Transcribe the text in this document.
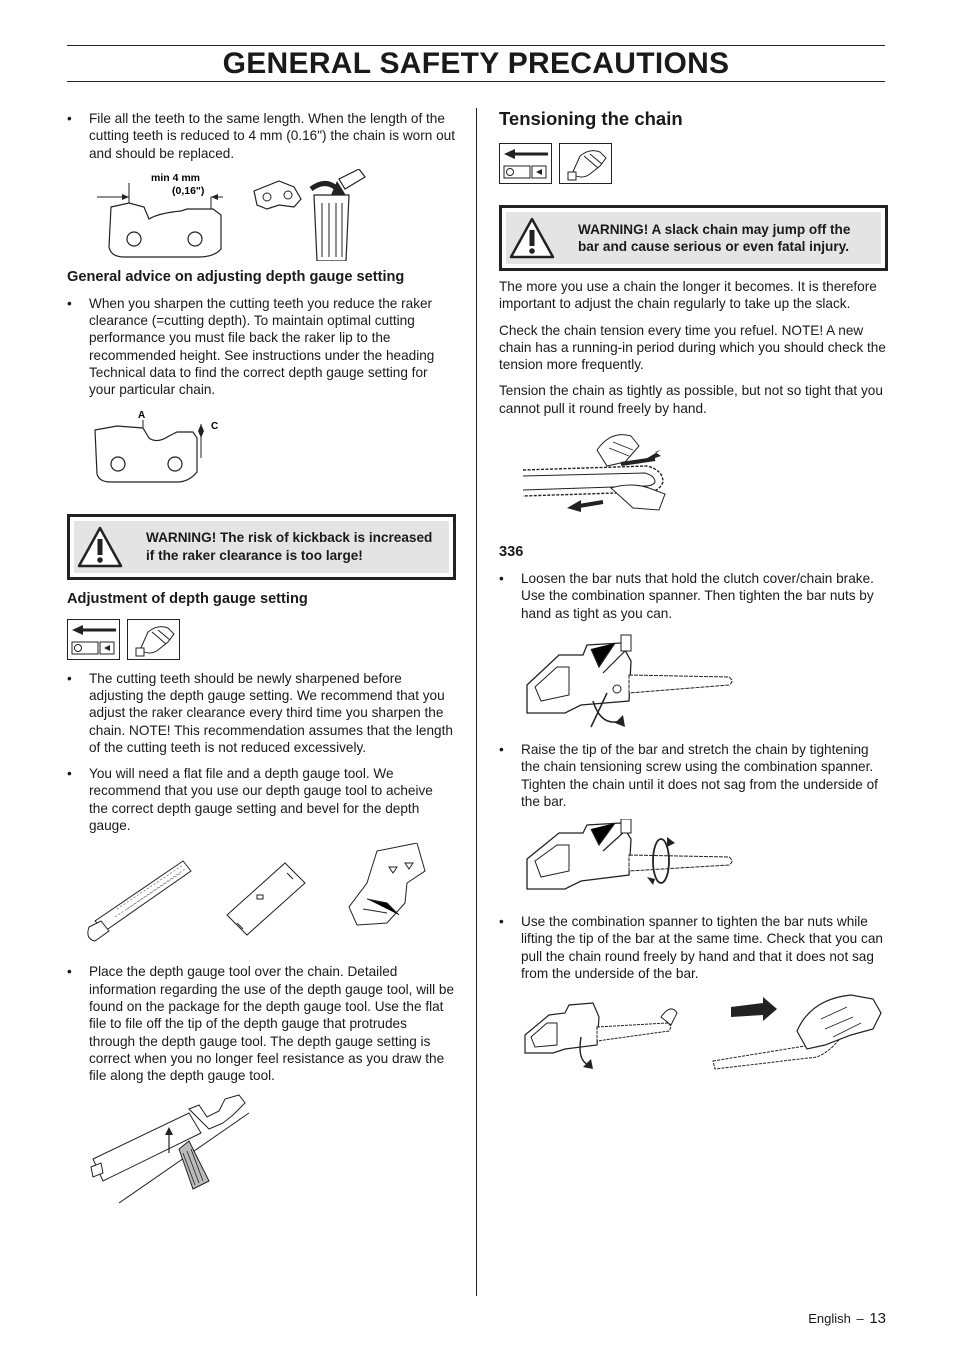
GENERAL SAFETY PRECAUTIONS
• File all the teeth to the same length. When the length of the cutting teeth is reduced to 4 mm (0.16") the chain is worn out and should be replaced.
min 4 mm
(0,16")
General advice on adjusting depth gauge setting
• When you sharpen the cutting teeth you reduce the raker clearance (=cutting depth). To maintain optimal cutting performance you must file back the raker lip to the recommended height. See instructions under the heading Technical data to find the correct depth gauge setting for your particular chain.
A
C
WARNING! The risk of kickback is increased if the raker clearance is too large!
Adjustment of depth gauge setting

• The cutting teeth should be newly sharpened before adjusting the depth gauge setting. We recommend that you adjust the raker clearance every third time you sharpen the chain. NOTE! This recommendation assumes that the length of the cutting teeth is not reduced excessively.
• You will need a flat file and a depth gauge tool. We recommend that you use our depth gauge tool to acheive the correct depth gauge setting and bevel for the depth gauge.
• Place the depth gauge tool over the chain. Detailed information regarding the use of the depth gauge tool, will be found on the package for the depth gauge tool. Use the flat file to file off the tip of the depth gauge that protrudes through the depth gauge tool. The depth gauge setting is correct when you no longer feel resistance as you draw the file along the depth gauge tool.
Tensioning the chain

WARNING! A slack chain may jump off the bar and cause serious or even fatal injury.

The more you use a chain the longer it becomes. It is therefore important to adjust the chain regularly to take up the slack.

Check the chain tension every time you refuel. NOTE! A new chain has a running-in period during which you should check the tension more frequently.

Tension the chain as tightly as possible, but not so tight that you cannot pull it round freely by hand.

336
• Loosen the bar nuts that hold the clutch cover/chain brake. Use the combination spanner. Then tighten the bar nuts by hand as tight as you can.
• Raise the tip of the bar and stretch the chain by tightening the chain tensioning screw using the combination spanner. Tighten the chain until it does not sag from the underside of the bar.
• Use the combination spanner to tighten the bar nuts while lifting the tip of the bar at the same time. Check that you can pull the chain round freely by hand and that it does not sag from the underside of the bar.
English – 13
